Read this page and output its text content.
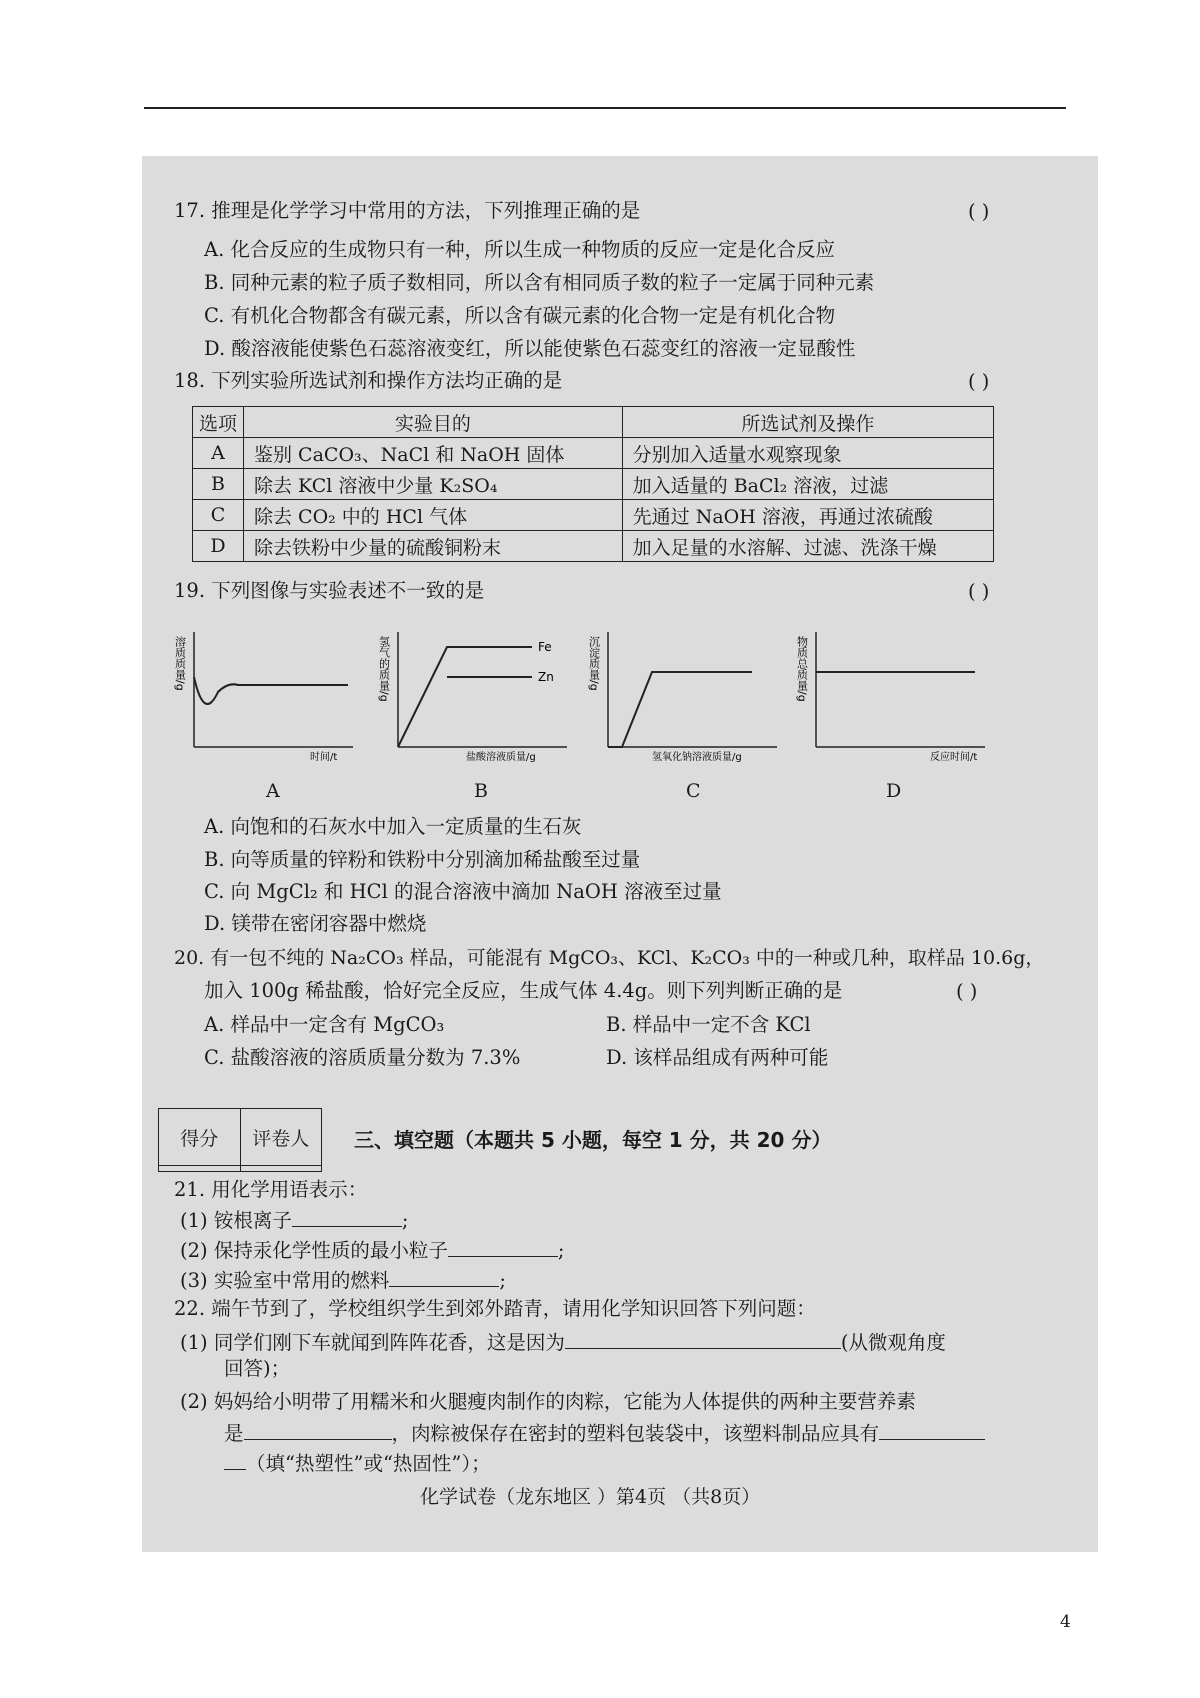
17. 推理是化学学习中常用的方法，下列推理正确的是	( )
A. 化合反应的生成物只有一种，所以生成一种物质的反应一定是化合反应
B. 同种元素的粒子质子数相同，所以含有相同质子数的粒子一定属于同种元素
C. 有机化合物都含有碳元素，所以含有碳元素的化合物一定是有机化合物
D. 酸溶液能使紫色石蕊溶液变红，所以能使紫色石蕊变红的溶液一定显酸性
18. 下列实验所选试剂和操作方法均正确的是	( )
选项	实验目的	所选试剂及操作
A	鉴别 CaCO₃、NaCl 和 NaOH 固体	分别加入适量水观察现象
B	除去 KCl 溶液中少量 K₂SO₄	加入适量的 BaCl₂ 溶液，过滤
C	除去 CO₂ 中的 HCl 气体	先通过 NaOH 溶液，再通过浓硫酸
D	除去铁粉中少量的硫酸铜粉末	加入足量的水溶解、过滤、洗涤干燥
19. 下列图像与实验表述不一致的是	( )
溶质质量/g
时间/t
A
氢气的质量/g	Fe
Zn
盐酸溶液质量/g
B
沉淀质量/g
氢氧化钠溶液质量/g
C
物质总质量/g
反应时间/t
D
A. 向饱和的石灰水中加入一定质量的生石灰
B. 向等质量的锌粉和铁粉中分别滴加稀盐酸至过量
C. 向 MgCl₂ 和 HCl 的混合溶液中滴加 NaOH 溶液至过量
D. 镁带在密闭容器中燃烧
20. 有一包不纯的 Na₂CO₃ 样品，可能混有 MgCO₃、KCl、K₂CO₃ 中的一种或几种，取样品 10.6g，
加入 100g 稀盐酸，恰好完全反应，生成气体 4.4g。则下列判断正确的是	( )
A. 样品中一定含有 MgCO₃	B. 样品中一定不含 KCl
C. 盐酸溶液的溶质质量分数为 7.3%	D. 该样品组成有两种可能
得分	评卷人
	三、填空题（本题共 5 小题，每空 1 分，共 20 分）
21. 用化学用语表示：
(1) 铵根离子	;
(2) 保持汞化学性质的最小粒子	;
(3) 实验室中常用的燃料	;
22. 端午节到了，学校组织学生到郊外踏青，请用化学知识回答下列问题：
(1) 同学们刚下车就闻到阵阵花香，这是因为	(从微观角度
回答)；
(2) 妈妈给小明带了用糯米和火腿瘦肉制作的肉粽，它能为人体提供的两种主要营养素
是	，肉粽被保存在密封的塑料包装袋中，该塑料制品应具有
（填“热塑性”或“热固性”）；
化学试卷（龙东地区 ）第4页 （共8页）
4
